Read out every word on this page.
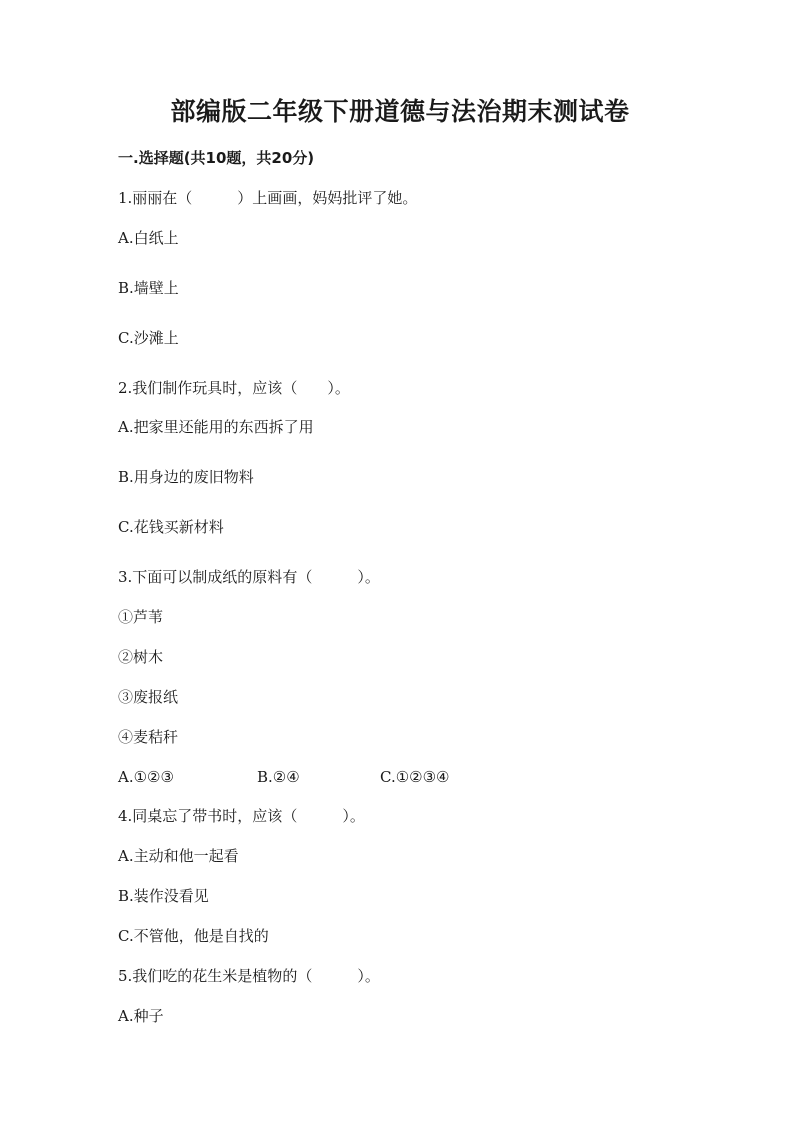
部编版二年级下册道德与法治期末测试卷
一.选择题(共10题，共20分)
1.丽丽在（　　　）上画画，妈妈批评了她。
A.白纸上
B.墙壁上
C.沙滩上
2.我们制作玩具时，应该（　　）。
A.把家里还能用的东西拆了用
B.用身边的废旧物料
C.花钱买新材料
3.下面可以制成纸的原料有（　　　）。
①芦苇
②树木
③废报纸
④麦秸秆
A.①②③	B.②④	C.①②③④
4.同桌忘了带书时，应该（　　　）。
A.主动和他一起看
B.装作没看见
C.不管他，他是自找的
5.我们吃的花生米是植物的（　　　）。
A.种子
